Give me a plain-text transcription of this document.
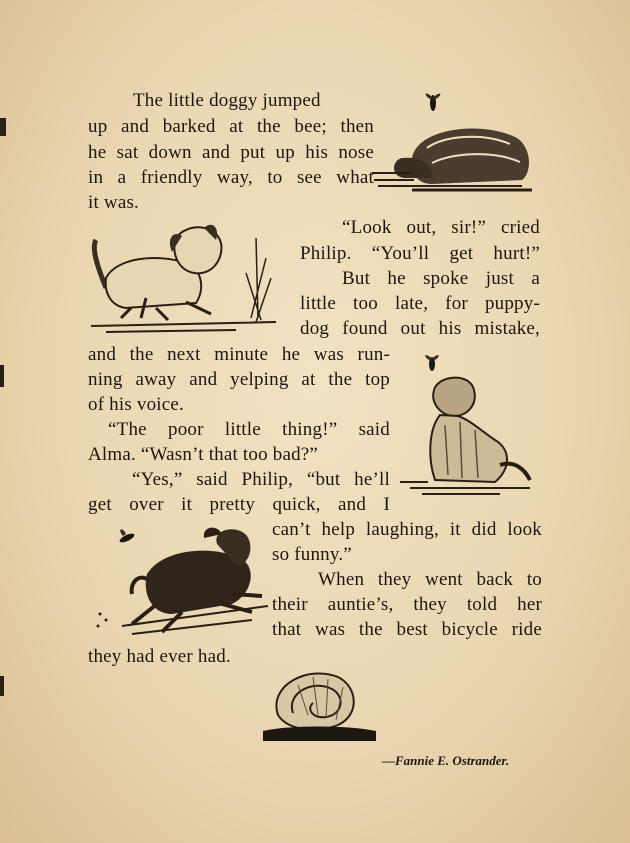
The little doggy jumped
up and barked at the bee; then
he sat down and put up his nose
in a friendly way, to see what
it was.
“Look out, sir!” cried
Philip. “You’ll get hurt!”
But he spoke just a
little too late, for puppy-
dog found out his mistake,
and the next minute he was run-
ning away and yelping at the top
of his voice.
“The poor little thing!” said
Alma. “Wasn’t that too bad?”
“Yes,” said Philip, “but he’ll
get over it pretty quick, and I
can’t help laughing, it did look
so funny.”
When they went back to
their auntie’s, they told her
that was the best bicycle ride
they had ever had.
—Fannie E. Ostrander.
